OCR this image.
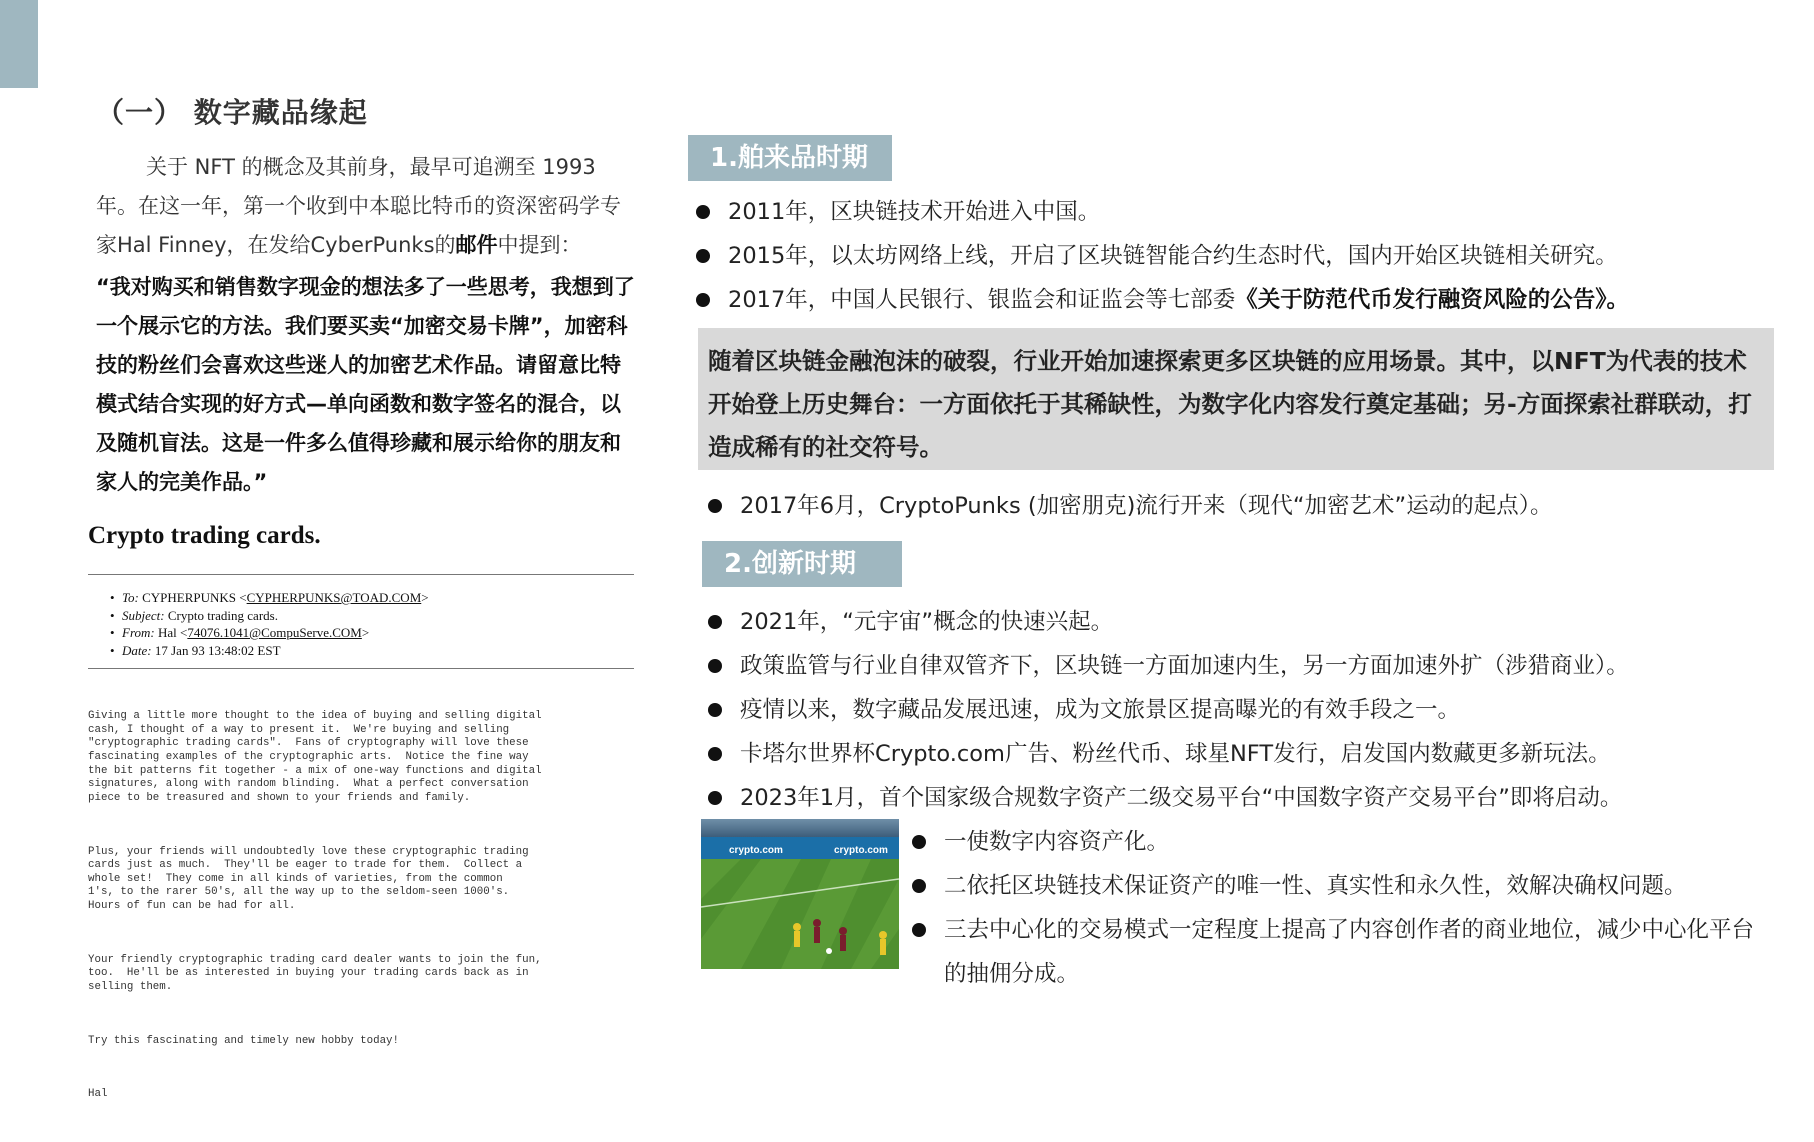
（一） 数字藏品缘起

关于 NFT 的概念及其前身，最早可追溯至 1993 年。在这一年，第一个收到中本聪比特币的资深密码学专家Hal Finney，在发给CyberPunks的邮件中提到：

“我对购买和销售数字现金的想法多了一些思考，我想到了一个展示它的方法。我们要买卖“加密交易卡牌”，加密科技的粉丝们会喜欢这些迷人的加密艺术作品。请留意比特模式结合实现的好方式—单向函数和数字签名的混合，以及随机盲法。这是一件多么值得珍藏和展示给你的朋友和家人的完美作品。”

Crypto trading cards.
• To: CYPHERPUNKS <CYPHERPUNKS@TOAD.COM>
• Subject: Crypto trading cards.
• From: Hal <74076.1041@CompuServe.COM>
• Date: 17 Jan 93 13:48:02 EST

Giving a little more thought to the idea of buying and selling digital
cash, I thought of a way to present it.  We're buying and selling
"cryptographic trading cards".  Fans of cryptography will love these
fascinating examples of the cryptographic arts.  Notice the fine way
the bit patterns fit together - a mix of one-way functions and digital
signatures, along with random blinding.  What a perfect conversation
piece to be treasured and shown to your friends and family.

Plus, your friends will undoubtedly love these cryptographic trading
cards just as much.  They'll be eager to trade for them.  Collect a
whole set!  They come in all kinds of varieties, from the common
1's, to the rarer 50's, all the way up to the seldom-seen 1000's.
Hours of fun can be had for all.

Your friendly cryptographic trading card dealer wants to join the fun,
too.  He'll be as interested in buying your trading cards back as in
selling them.

Try this fascinating and timely new hobby today!

Hal

1.舶来品时期
2011年，区块链技术开始进入中国。
2015年，以太坊网络上线，开启了区块链智能合约生态时代，国内开始区块链相关研究。
2017年，中国人民银行、银监会和证监会等七部委《关于防范代币发行融资风险的公告》。
随着区块链金融泡沫的破裂，行业开始加速探索更多区块链的应用场景。其中，以NFT为代表的技术开始登上历史舞台：一方面依托于其稀缺性，为数字化内容发行奠定基础；另-方面探索社群联动，打造成稀有的社交符号。
2017年6月，CryptoPunks (加密朋克)流行开来（现代“加密艺术”运动的起点）。
2.创新时期
2021年，“元宇宙”概念的快速兴起。
政策监管与行业自律双管齐下，区块链一方面加速内生，另一方面加速外扩（涉猎商业）。
疫情以来，数字藏品发展迅速，成为文旅景区提高曝光的有效手段之一。
卡塔尔世界杯Crypto.com广告、粉丝代币、球星NFT发行，启发国内数藏更多新玩法。
2023年1月，首个国家级合规数字资产二级交易平台“中国数字资产交易平台”即将启动。
crypto.com	crypto.com	一使数字内容资产化。
二依托区块链技术保证资产的唯一性、真实性和永久性，效解决确权问题。
三去中心化的交易模式一定程度上提高了内容创作者的商业地位，减少中心化平台的抽佣分成。
